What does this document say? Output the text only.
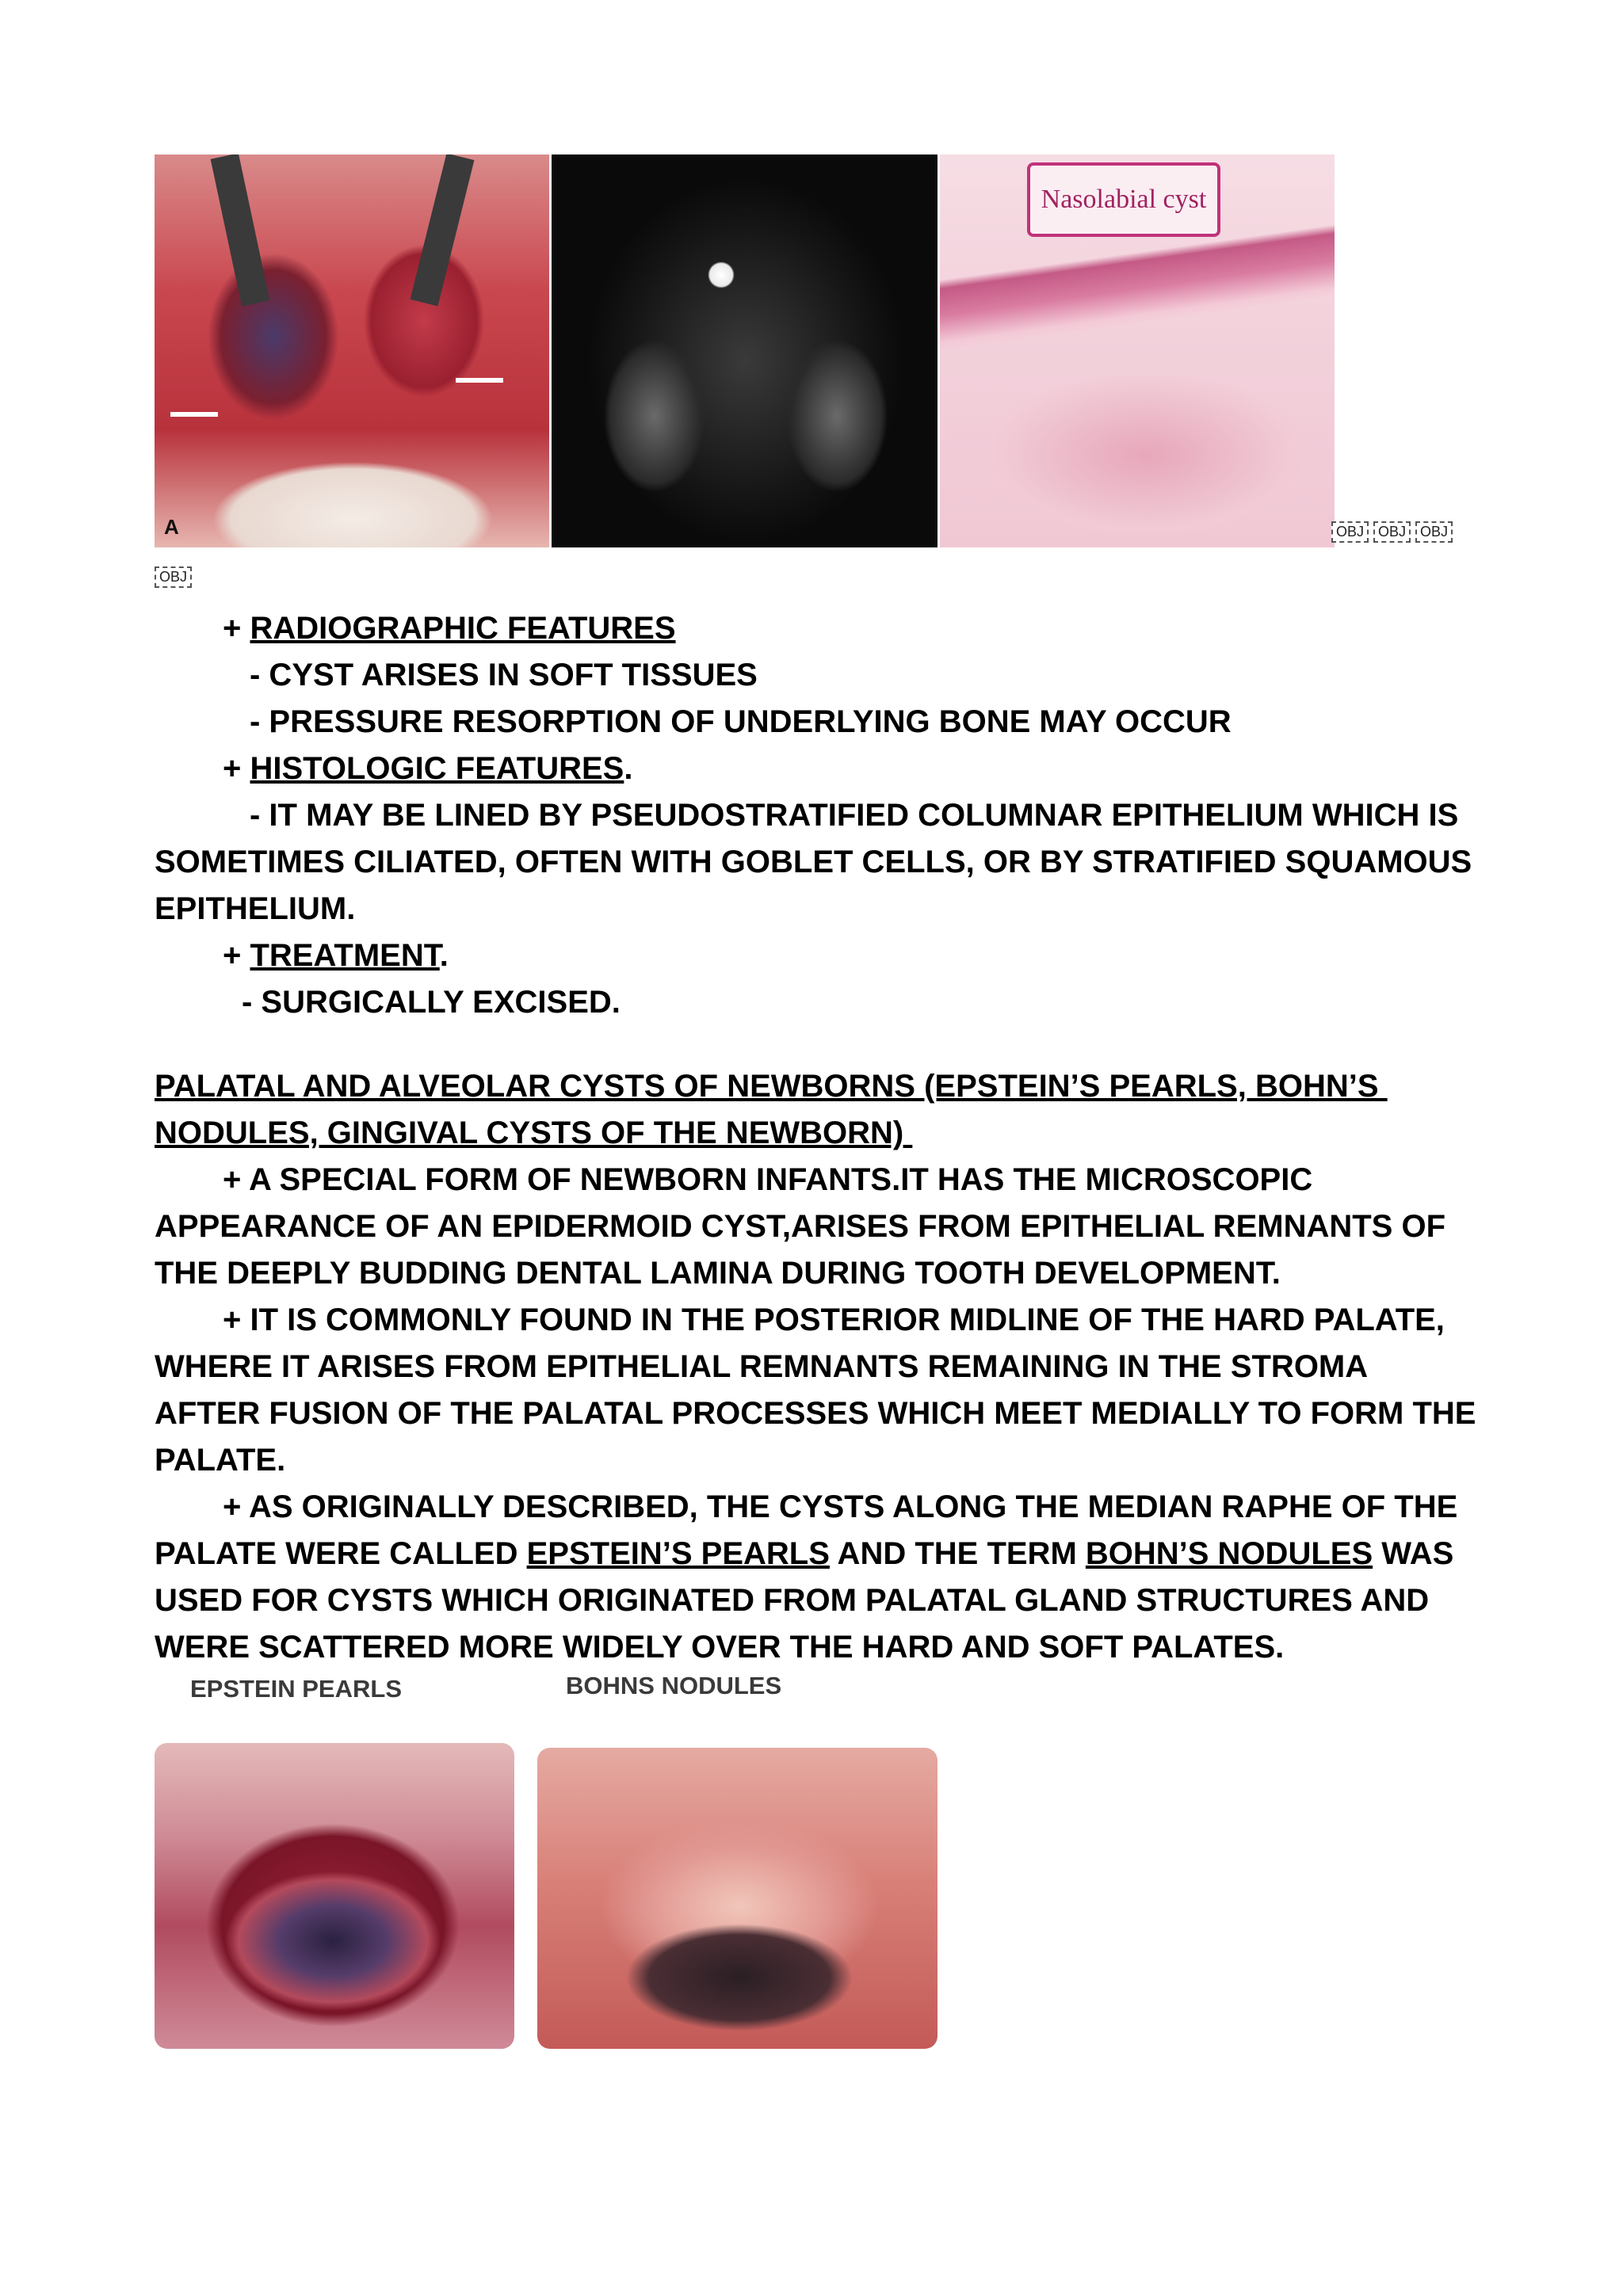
A
Nasolabial cyst
OBJ	OBJ	OBJ
OBJ
+ RADIOGRAPHIC FEATURES
- CYST ARISES IN SOFT TISSUES
- PRESSURE RESORPTION OF UNDERLYING BONE MAY OCCUR
+ HISTOLOGIC FEATURES.
- IT MAY BE LINED BY PSEUDOSTRATIFIED COLUMNAR EPITHELIUM WHICH IS
SOMETIMES CILIATED, OFTEN WITH GOBLET CELLS, OR BY STRATIFIED SQUAMOUS
EPITHELIUM.
+ TREATMENT.
- SURGICALLY EXCISED.
PALATAL AND ALVEOLAR CYSTS OF NEWBORNS (EPSTEIN’S PEARLS, BOHN’S
NODULES, GINGIVAL CYSTS OF THE NEWBORN)
+ A SPECIAL FORM OF NEWBORN INFANTS.IT HAS THE MICROSCOPIC
APPEARANCE OF AN EPIDERMOID CYST,ARISES FROM EPITHELIAL REMNANTS OF
THE DEEPLY BUDDING DENTAL LAMINA DURING TOOTH DEVELOPMENT.
+ IT IS COMMONLY FOUND IN THE POSTERIOR MIDLINE OF THE HARD PALATE,
WHERE IT ARISES FROM EPITHELIAL REMNANTS REMAINING IN THE STROMA
AFTER FUSION OF THE PALATAL PROCESSES WHICH MEET MEDIALLY TO FORM THE
PALATE.
+ AS ORIGINALLY DESCRIBED, THE CYSTS ALONG THE MEDIAN RAPHE OF THE
PALATE WERE CALLED EPSTEIN’S PEARLS AND THE TERM BOHN’S NODULES WAS
USED FOR CYSTS WHICH ORIGINATED FROM PALATAL GLAND STRUCTURES AND
WERE SCATTERED MORE WIDELY OVER THE HARD AND SOFT PALATES.
EPSTEIN PEARLS	BOHNS NODULES
